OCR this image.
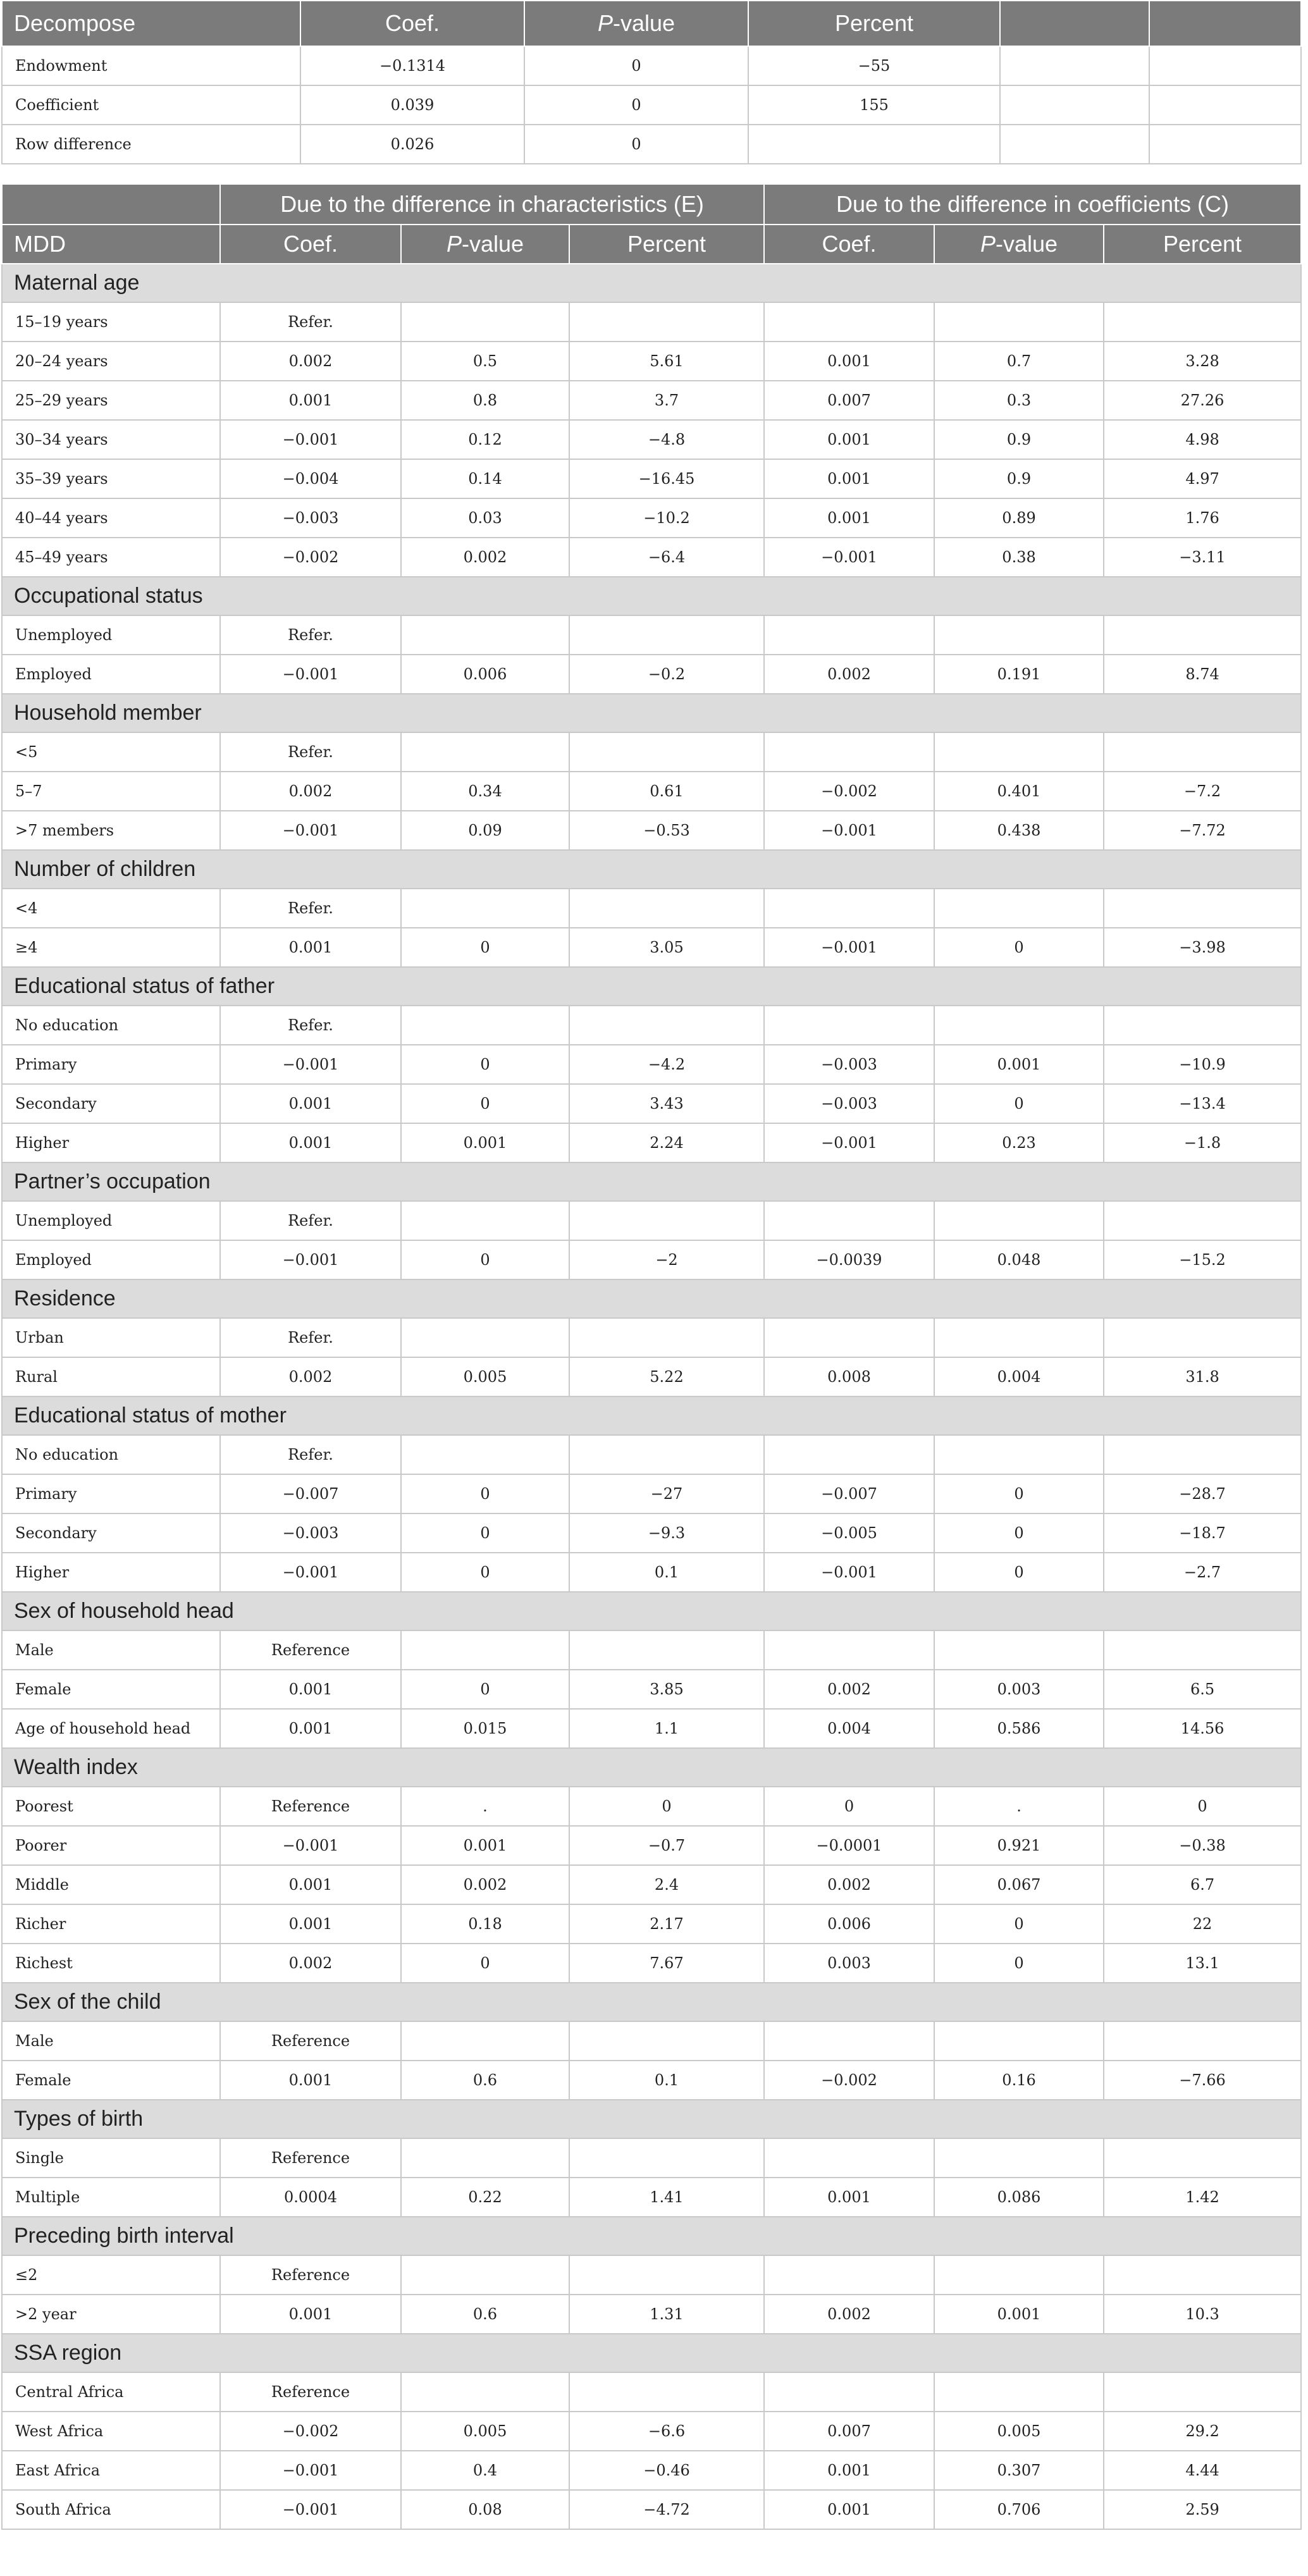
Decompose	Coef.	P-value	Percent		
Endowment	−0.1314	0	−55		
Coefficient	0.039	0	155		
Row difference	0.026	0			
	Due to the difference in characteristics (E)			Due to the difference in coefficients (C)		
MDD	Coef.	P-value	Percent	Coef.	P-value	Percent
Maternal age						
15–19 years	Refer.					
20–24 years	0.002	0.5	5.61	0.001	0.7	3.28
25–29 years	0.001	0.8	3.7	0.007	0.3	27.26
30–34 years	−0.001	0.12	−4.8	0.001	0.9	4.98
35–39 years	−0.004	0.14	−16.45	0.001	0.9	4.97
40–44 years	−0.003	0.03	−10.2	0.001	0.89	1.76
45–49 years	−0.002	0.002	−6.4	−0.001	0.38	−3.11
Occupational status						
Unemployed	Refer.					
Employed	−0.001	0.006	−0.2	0.002	0.191	8.74
Household member						
<5	Refer.					
5–7	0.002	0.34	0.61	−0.002	0.401	−7.2
>7 members	−0.001	0.09	−0.53	−0.001	0.438	−7.72
Number of children						
<4	Refer.					
≥4	0.001	0	3.05	−0.001	0	−3.98
Educational status of father						
No education	Refer.					
Primary	−0.001	0	−4.2	−0.003	0.001	−10.9
Secondary	0.001	0	3.43	−0.003	0	−13.4
Higher	0.001	0.001	2.24	−0.001	0.23	−1.8
Partner’s occupation						
Unemployed	Refer.					
Employed	−0.001	0	−2	−0.0039	0.048	−15.2
Residence						
Urban	Refer.					
Rural	0.002	0.005	5.22	0.008	0.004	31.8
Educational status of mother						
No education	Refer.					
Primary	−0.007	0	−27	−0.007	0	−28.7
Secondary	−0.003	0	−9.3	−0.005	0	−18.7
Higher	−0.001	0	0.1	−0.001	0	−2.7
Sex of household head						
Male	Reference					
Female	0.001	0	3.85	0.002	0.003	6.5
Age of household head	0.001	0.015	1.1	0.004	0.586	14.56
Wealth index						
Poorest	Reference	.	0	0	.	0
Poorer	−0.001	0.001	−0.7	−0.0001	0.921	−0.38
Middle	0.001	0.002	2.4	0.002	0.067	6.7
Richer	0.001	0.18	2.17	0.006	0	22
Richest	0.002	0	7.67	0.003	0	13.1
Sex of the child						
Male	Reference					
Female	0.001	0.6	0.1	−0.002	0.16	−7.66
Types of birth						
Single	Reference					
Multiple	0.0004	0.22	1.41	0.001	0.086	1.42
Preceding birth interval						
≤2	Reference					
>2 year	0.001	0.6	1.31	0.002	0.001	10.3
SSA region						
Central Africa	Reference					
West Africa	−0.002	0.005	−6.6	0.007	0.005	29.2
East Africa	−0.001	0.4	−0.46	0.001	0.307	4.44
South Africa	−0.001	0.08	−4.72	0.001	0.706	2.59
